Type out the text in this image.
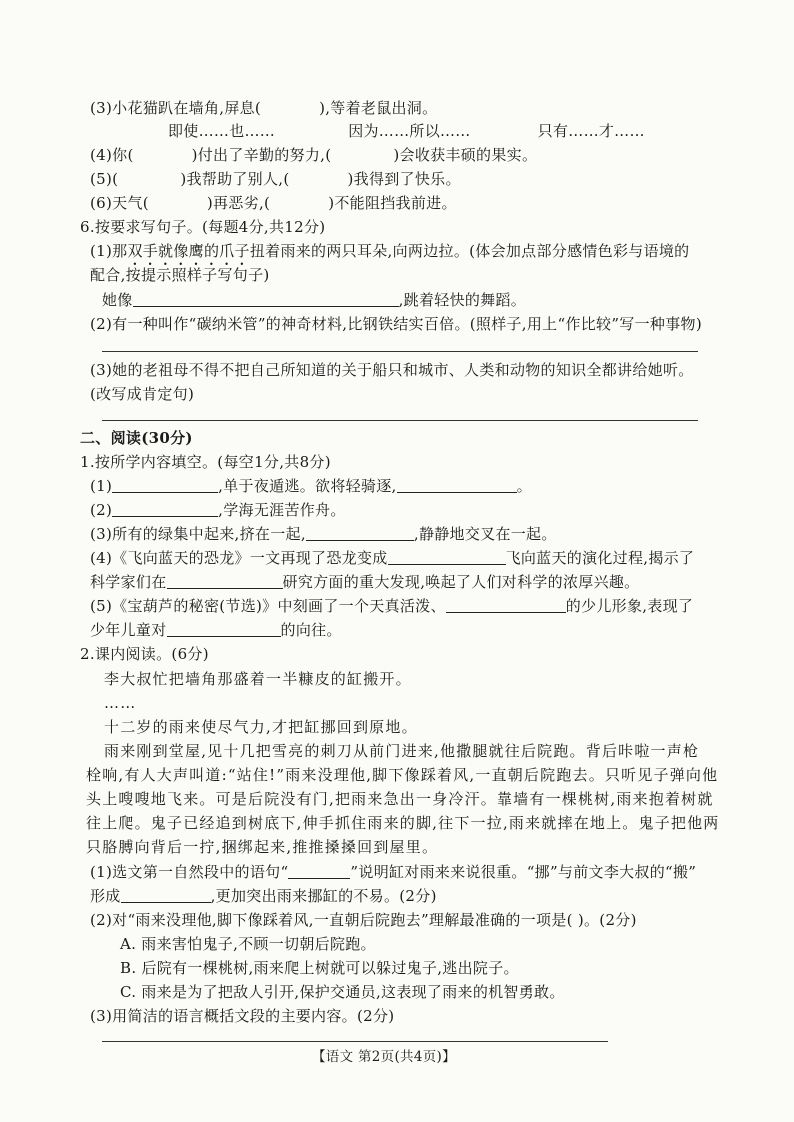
(3)小花猫趴在墙角,屏息(	),等着老鼠出洞。
即使……也……	因为……所以……	只有……才……
(4)你(	)付出了辛勤的努力,(	)会收获丰硕的果实。
(5)(	)我帮助了别人,(	)我得到了快乐。
(6)天气(	)再恶劣,(	)不能阻挡我前进。
6.按要求写句子。(每题4分,共12分)
(1)那双手就像鹰的爪子扭着雨来的两只耳朵,向两边拉。(体会加点部分感情色彩与语境的
配合,按提示照样子写句子)
她像	,跳着轻快的舞蹈。
(2)有一种叫作“碳纳米管”的神奇材料,比钢铁结实百倍。(照样子,用上“作比较”写一种事物)
(3)她的老祖母不得不把自己所知道的关于船只和城市、人类和动物的知识全都讲给她听。
(改写成肯定句)
二、阅读(30分)
1.按所学内容填空。(每空1分,共8分)
(1)	,单于夜遁逃。欲将轻骑逐,	。
(2)	,学海无涯苦作舟。
(3)所有的绿集中起来,挤在一起,	,静静地交叉在一起。
(4)《飞向蓝天的恐龙》一文再现了恐龙变成	飞向蓝天的演化过程,揭示了
科学家们在	研究方面的重大发现,唤起了人们对科学的浓厚兴趣。
(5)《宝葫芦的秘密(节选)》中刻画了一个天真活泼、	的少儿形象,表现了
少年儿童对	的向往。
2.课内阅读。(6分)
李大叔忙把墙角那盛着一半糠皮的缸搬开。
……
十二岁的雨来使尽气力,才把缸挪回到原地。
雨来刚到堂屋,见十几把雪亮的刺刀从前门进来,他撒腿就往后院跑。背后咔啦一声枪
栓响,有人大声叫道:“站住!”雨来没理他,脚下像踩着风,一直朝后院跑去。只听见子弹向他
头上嗖嗖地飞来。可是后院没有门,把雨来急出一身冷汗。靠墙有一棵桃树,雨来抱着树就
往上爬。鬼子已经追到树底下,伸手抓住雨来的脚,往下一拉,雨来就摔在地上。鬼子把他两
只胳膊向背后一拧,捆绑起来,推推搡搡回到屋里。
(1)选文第一自然段中的语句“	”说明缸对雨来来说很重。“挪”与前文李大叔的“搬”
形成	,更加突出雨来挪缸的不易。(2分)
(2)对“雨来没理他,脚下像踩着风,一直朝后院跑去”理解最准确的一项是( )。(2分)
A. 雨来害怕鬼子,不顾一切朝后院跑。
B. 后院有一棵桃树,雨来爬上树就可以躲过鬼子,逃出院子。
C. 雨来是为了把敌人引开,保护交通员,这表现了雨来的机智勇敢。
(3)用简洁的语言概括文段的主要内容。(2分)
【语文 第2页(共4页)】
